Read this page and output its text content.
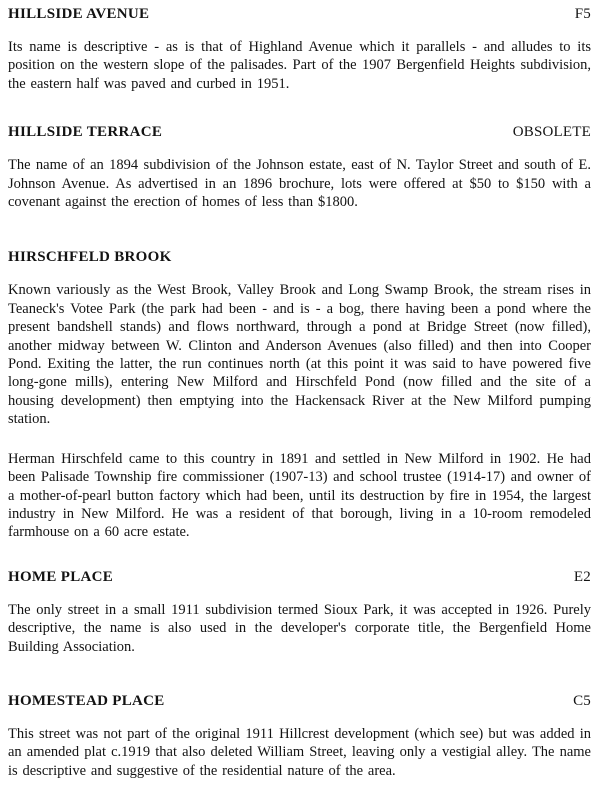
HILLSIDE AVENUE	F5

Its name is descriptive - as is that of Highland Avenue which it parallels - and alludes to its position on the western slope of the palisades. Part of the 1907 Bergenfield Heights subdivision, the eastern half was paved and curbed in 1951.

HILLSIDE TERRACE	OBSOLETE

The name of an 1894 subdivision of the Johnson estate, east of N. Taylor Street and south of E. Johnson Avenue. As advertised in an 1896 brochure, lots were offered at $50 to $150 with a covenant against the erection of homes of less than $1800.

HIRSCHFELD BROOK

Known variously as the West Brook, Valley Brook and Long Swamp Brook, the stream rises in Teaneck's Votee Park (the park had been - and is - a bog, there having been a pond where the present bandshell stands) and flows northward, through a pond at Bridge Street (now filled), another midway between W. Clinton and Anderson Avenues (also filled) and then into Cooper Pond. Exiting the latter, the run continues north (at this point it was said to have powered five long-gone mills), entering New Milford and Hirschfeld Pond (now filled and the site of a housing development) then emptying into the Hackensack River at the New Milford pumping station.

Herman Hirschfeld came to this country in 1891 and settled in New Milford in 1902. He had been Palisade Township fire commissioner (1907-13) and school trustee (1914-17) and owner of a mother-of-pearl button factory which had been, until its destruction by fire in 1954, the largest industry in New Milford. He was a resident of that borough, living in a 10-room remodeled farmhouse on a 60 acre estate.

HOME PLACE	E2

The only street in a small 1911 subdivision termed Sioux Park, it was accepted in 1926. Purely descriptive, the name is also used in the developer's corporate title, the Bergenfield Home Building Association.

HOMESTEAD PLACE	C5

This street was not part of the original 1911 Hillcrest development (which see) but was added in an amended plat c.1919 that also deleted William Street, leaving only a vestigial alley. The name is descriptive and suggestive of the residential nature of the area.
